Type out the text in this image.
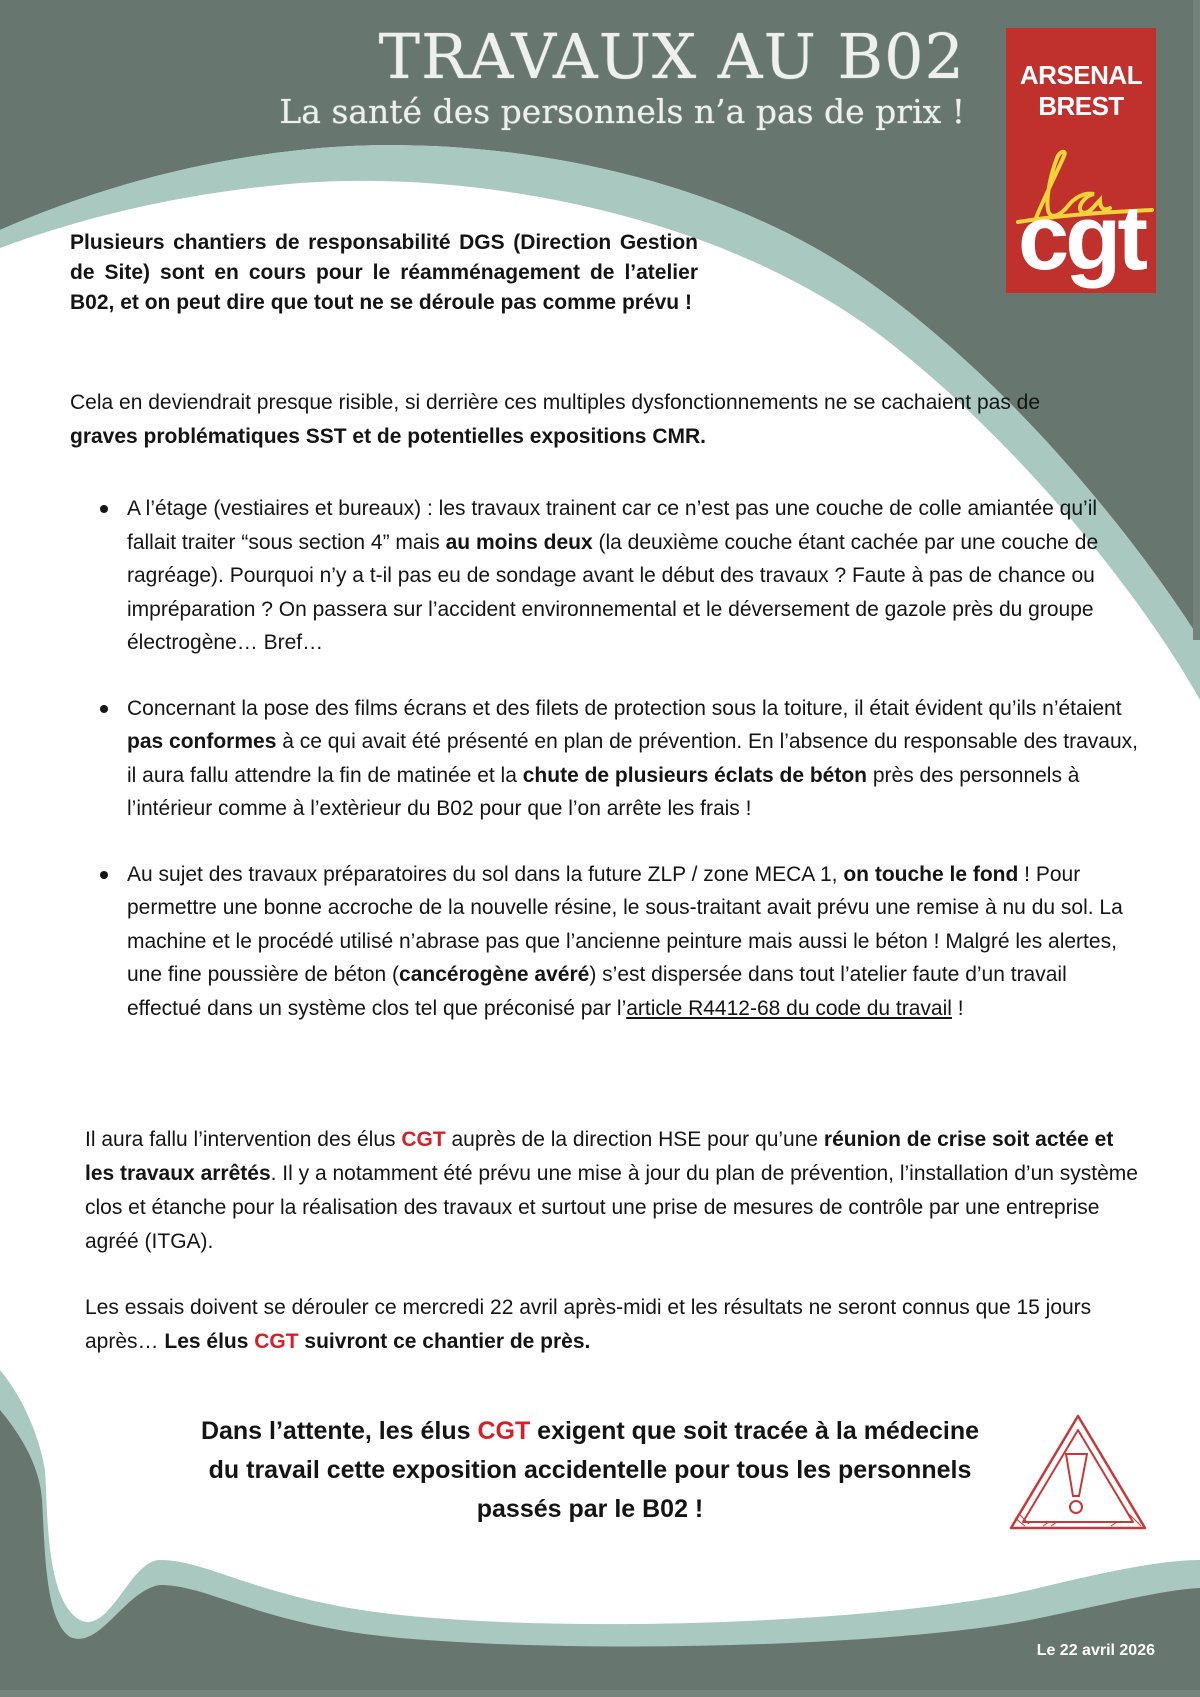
TRAVAUX AU B02
La santé des personnels n’a pas de prix !
ARSENAL
BREST
cgt
Plusieurs chantiers de responsabilité DGS (Direction Gestion de Site) sont en cours pour le réamménagement de l’atelier B02, et on peut dire que tout ne se déroule pas comme prévu !
Cela en deviendrait presque risible, si derrière ces multiples dysfonctionnements ne se cachaient pas de graves problématiques SST et de potentielles expositions CMR.
A l’étage (vestiaires et bureaux) : les travaux trainent car ce n’est pas une couche de colle amiantée qu’il fallait traiter “sous section 4” mais au moins deux (la deuxième couche étant cachée par une couche de ragréage). Pourquoi n’y a t-il pas eu de sondage avant le début des travaux ? Faute à pas de chance ou impréparation ? On passera sur l’accident environnemental et le déversement de gazole près du groupe électrogène… Bref…
Concernant la pose des films écrans et des filets de protection sous la toiture, il était évident qu’ils n’étaient pas conformes à ce qui avait été présenté en plan de prévention. En l’absence du responsable des travaux, il aura fallu attendre la fin de matinée et la chute de plusieurs éclats de béton près des personnels à l’intérieur comme à l’extèrieur du B02 pour que l’on arrête les frais !
Au sujet des travaux préparatoires du sol dans la future ZLP / zone MECA 1, on touche le fond ! Pour permettre une bonne accroche de la nouvelle résine, le sous-traitant avait prévu une remise à nu du sol. La machine et le procédé utilisé n’abrase pas que l’ancienne peinture mais aussi le béton ! Malgré les alertes, une fine poussière de béton (cancérogène avéré) s’est dispersée dans tout l’atelier faute d’un travail effectué dans un système clos tel que préconisé par l’article R4412-68 du code du travail !
Il aura fallu l’intervention des élus CGT auprès de la direction HSE pour qu’une réunion de crise soit actée et les travaux arrêtés. Il y a notamment été prévu une mise à jour du plan de prévention, l’installation d’un système clos et étanche pour la réalisation des travaux et surtout une prise de mesures de contrôle par une entreprise agréé (ITGA).
Les essais doivent se dérouler ce mercredi 22 avril après-midi et les résultats ne seront connus que 15 jours après… Les élus CGT suivront ce chantier de près.
Dans l’attente, les élus CGT exigent que soit tracée à la médecine du travail cette exposition accidentelle pour tous les personnels passés par le B02 !
Le 22 avril 2026
